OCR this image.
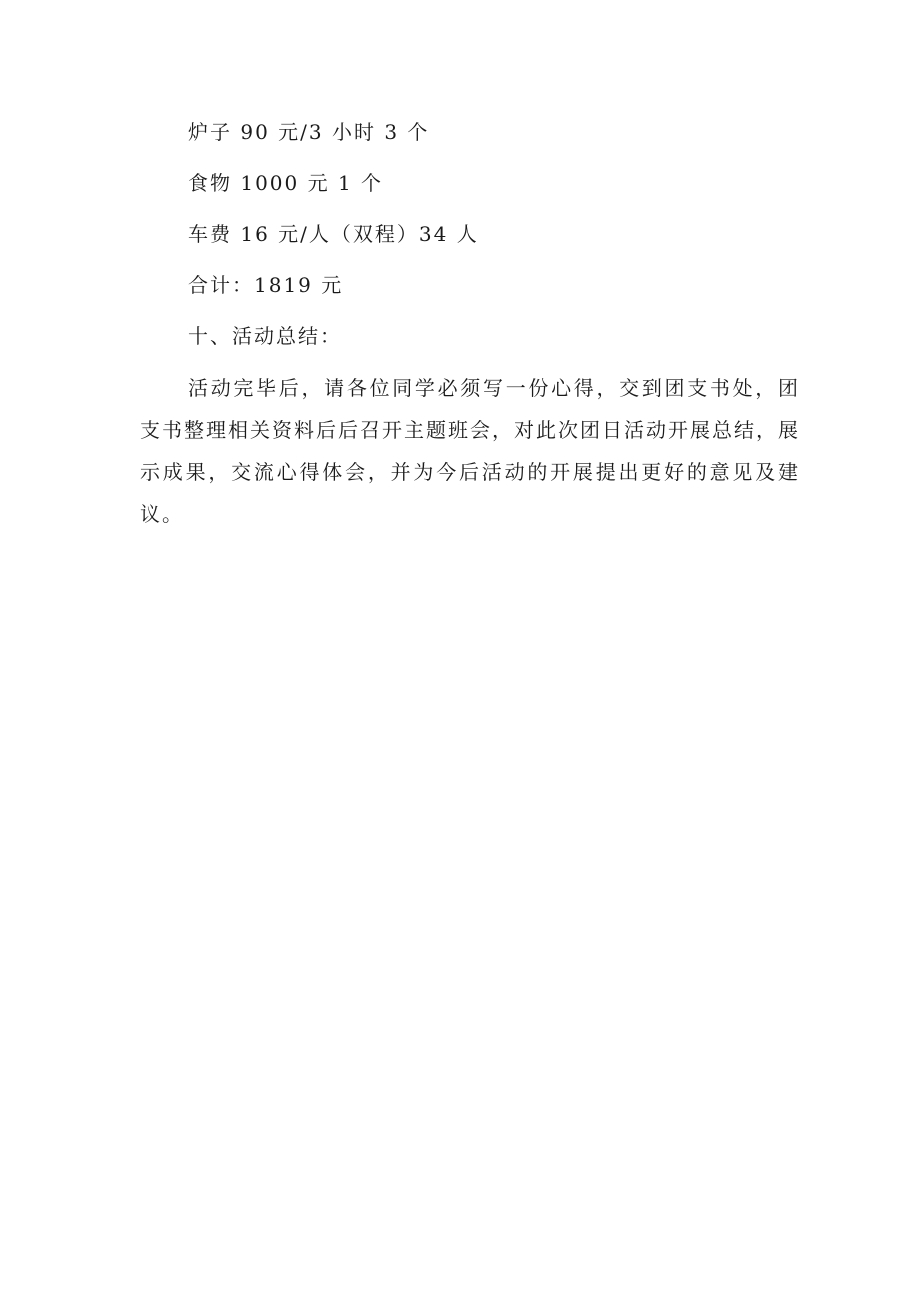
炉子 90 元/3 小时 3 个

食物 1000 元 1 个

车费 16 元/人（双程）34 人

合计：1819 元

十、活动总结：

活动完毕后，请各位同学必须写一份心得，交到团支书处，团支书整理相关资料后后召开主题班会，对此次团日活动开展总结，展示成果，交流心得体会，并为今后活动的开展提出更好的意见及建议。
